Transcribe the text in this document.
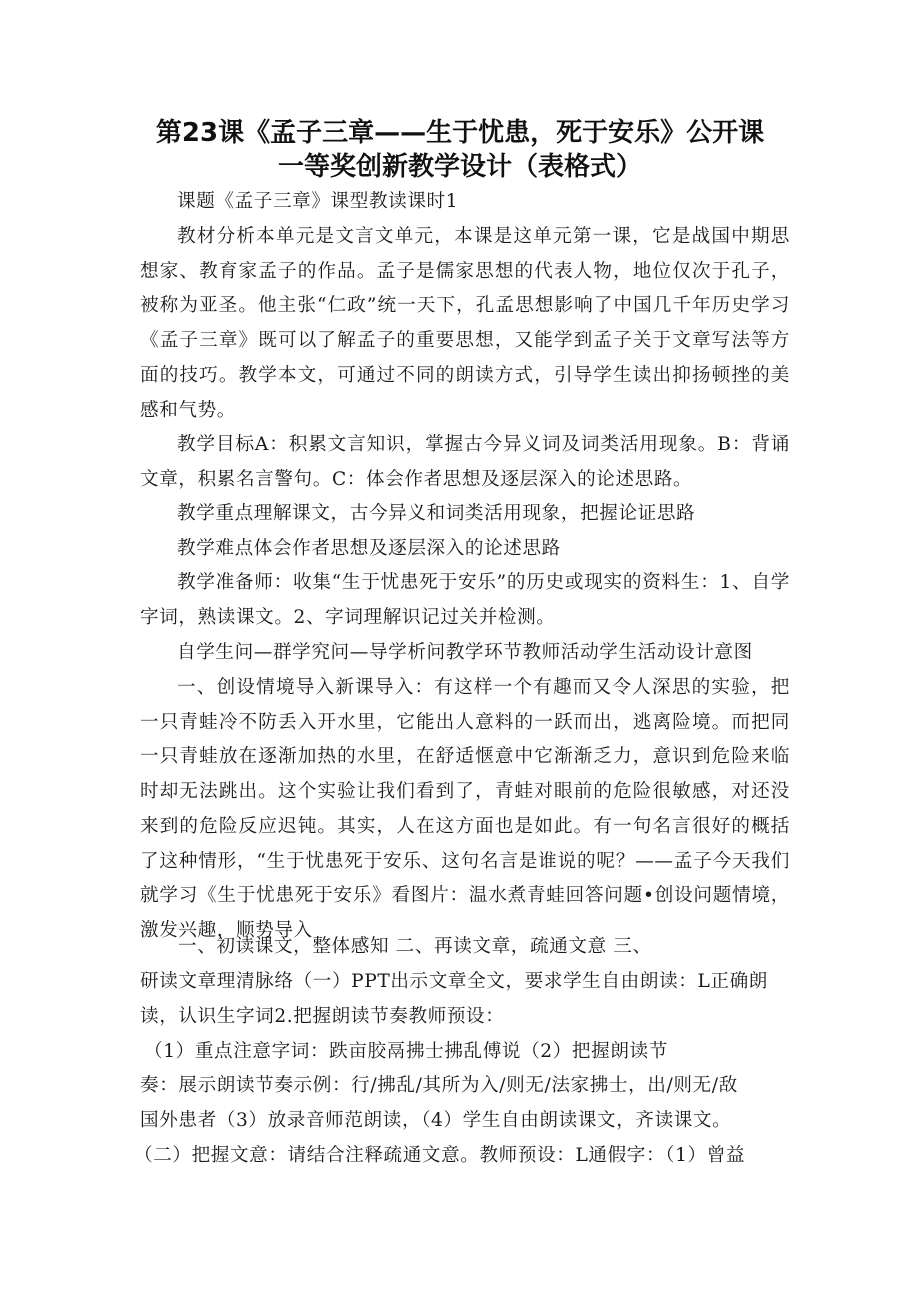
第23课《孟子三章——生于忧患，死于安乐》公开课
一等奖创新教学设计（表格式）

课题《孟子三章》课型教读课时1

教材分析本单元是文言文单元，本课是这单元第一课，它是战国中期思想家、教育家孟子的作品。孟子是儒家思想的代表人物，地位仅次于孔子，被称为亚圣。他主张“仁政”统一天下，孔孟思想影响了中国几千年历史学习《孟子三章》既可以了解孟子的重要思想，又能学到孟子关于文章写法等方面的技巧。教学本文，可通过不同的朗读方式，引导学生读出抑扬顿挫的美感和气势。

教学目标A：积累文言知识，掌握古今异义词及词类活用现象。B：背诵文章，积累名言警句。C：体会作者思想及逐层深入的论述思路。

教学重点理解课文，古今异义和词类活用现象，把握论证思路

教学难点体会作者思想及逐层深入的论述思路

教学准备师：收集“生于忧患死于安乐”的历史或现实的资料生：1、自学字词，熟读课文。2、字词理解识记过关并检测。

自学生问—群学究问—导学析问教学环节教师活动学生活动设计意图

一、创设情境导入新课导入：有这样一个有趣而又令人深思的实验，把一只青蛙冷不防丢入开水里，它能出人意料的一跃而出，逃离险境。而把同一只青蛙放在逐渐加热的水里，在舒适惬意中它渐渐乏力，意识到危险来临时却无法跳出。这个实验让我们看到了，青蛙对眼前的危险很敏感，对还没来到的危险反应迟钝。其实，人在这方面也是如此。有一句名言很好的概括了这种情形，“生于忧患死于安乐、这句名言是谁说的呢？——孟子今天我们就学习《生于忧患死于安乐》看图片：温水煮青蛙回答问题•创设问题情境，激发兴趣，顺势导入

一、初读课文，整体感知 二、再读文章，疏通文意 三、
研读文章理清脉络（一）PPT出示文章全文，要求学生自由朗读：L正确朗
读，认识生字词2.把握朗读节奏教师预设：
（1）重点注意字词：跌亩胶鬲拂士拂乱傅说（2）把握朗读节
奏：展示朗读节奏示例：行/拂乱/其所为入/则无/法家拂士，出/则无/敌
国外患者（3）放录音师范朗读，（4）学生自由朗读课文，齐读课文。
（二）把握文意：请结合注释疏通文意。教师预设：L通假字：（1）曾益
